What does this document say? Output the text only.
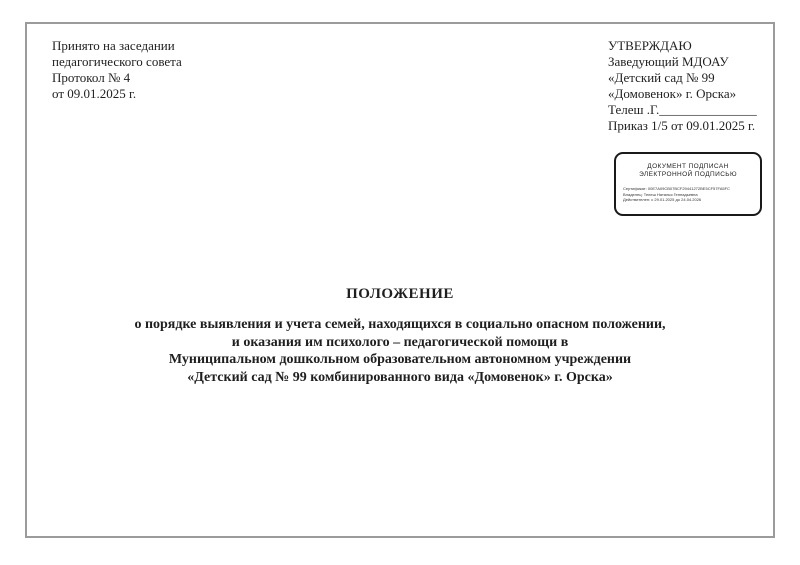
Принято на заседании
педагогического совета
Протокол № 4
от 09.01.2025 г.
УТВЕРЖДАЮ
Заведующий МДОАУ
«Детский сад № 99
«Домовенок» г. Орска»
Телеш .Г._______________
Приказ 1/5 от 09.01.2025 г.
ДОКУМЕНТ ПОДПИСАН
ЭЛЕКТРОННОЙ ПОДПИСЬЮ
Сертификат: 00E7A09CB07BCF29441272BE5CF57FA5FC
Владелец: Телеш Наталья Геннадьевна
Действителен: с 29.01.2025 до 24.04.2026
ПОЛОЖЕНИЕ
о порядке выявления и учета семей, находящихся в социально опасном положении,
и оказания им психолого – педагогической помощи в
Муниципальном дошкольном образовательном автономном учреждении
«Детский сад № 99 комбинированного вида «Домовенок» г. Орска»
